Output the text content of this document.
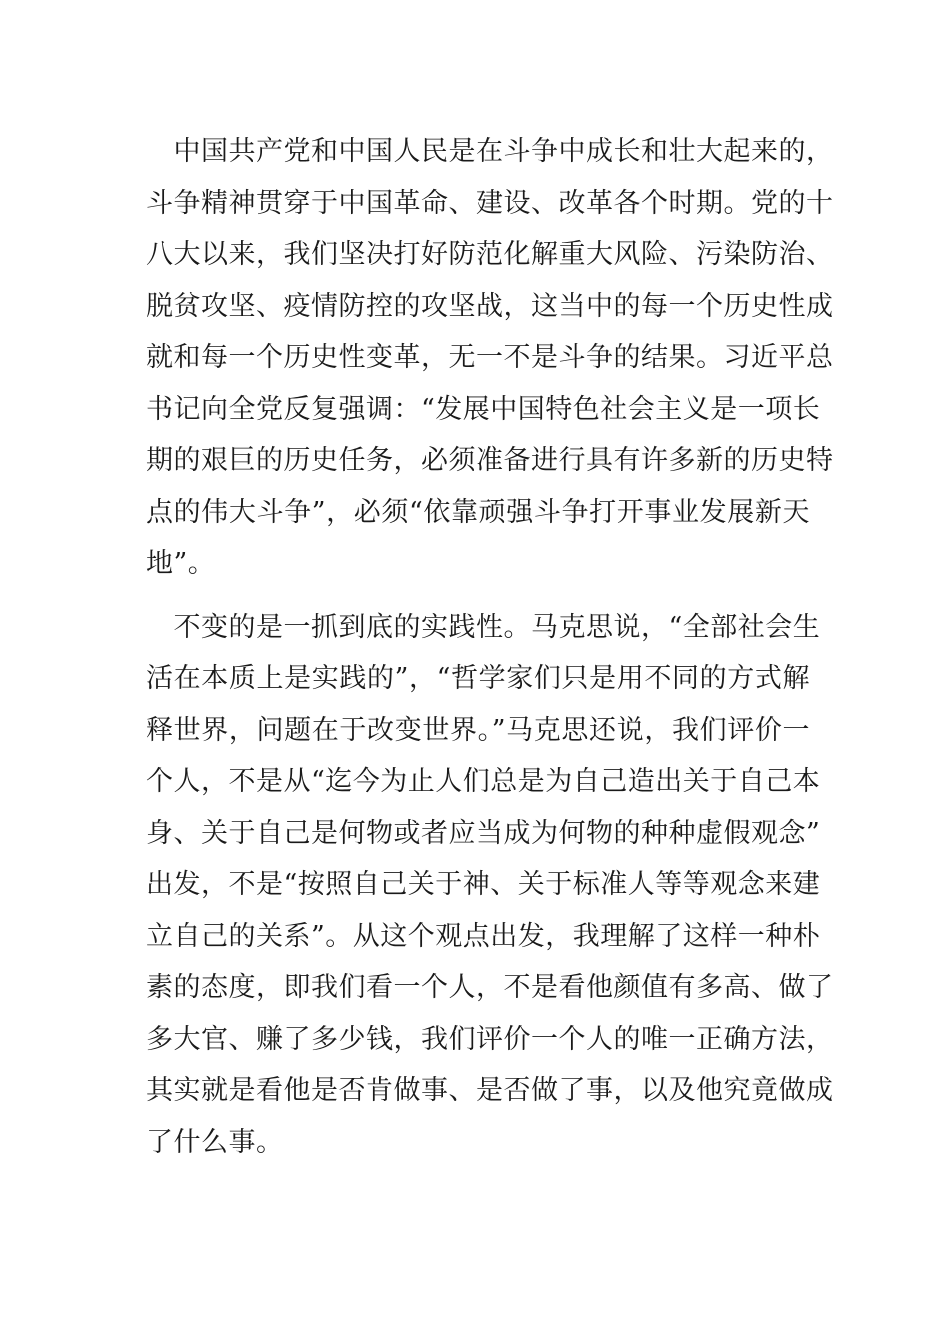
　中国共产党和中国人民是在斗争中成长和壮大起来的，
斗争精神贯穿于中国革命、建设、改革各个时期。党的十
八大以来，我们坚决打好防范化解重大风险、污染防治、
脱贫攻坚、疫情防控的攻坚战，这当中的每一个历史性成
就和每一个历史性变革，无一不是斗争的结果。习近平总
书记向全党反复强调：“发展中国特色社会主义是一项长
期的艰巨的历史任务，必须准备进行具有许多新的历史特
点的伟大斗争”，必须“依靠顽强斗争打开事业发展新天
地”。
　不变的是一抓到底的实践性。马克思说，“全部社会生
活在本质上是实践的”，“哲学家们只是用不同的方式解
释世界，问题在于改变世界。”马克思还说，我们评价一
个人，不是从“迄今为止人们总是为自己造出关于自己本
身、关于自己是何物或者应当成为何物的种种虚假观念”
出发，不是“按照自己关于神、关于标准人等等观念来建
立自己的关系”。从这个观点出发，我理解了这样一种朴
素的态度，即我们看一个人，不是看他颜值有多高、做了
多大官、赚了多少钱，我们评价一个人的唯一正确方法，
其实就是看他是否肯做事、是否做了事，以及他究竟做成
了什么事。
